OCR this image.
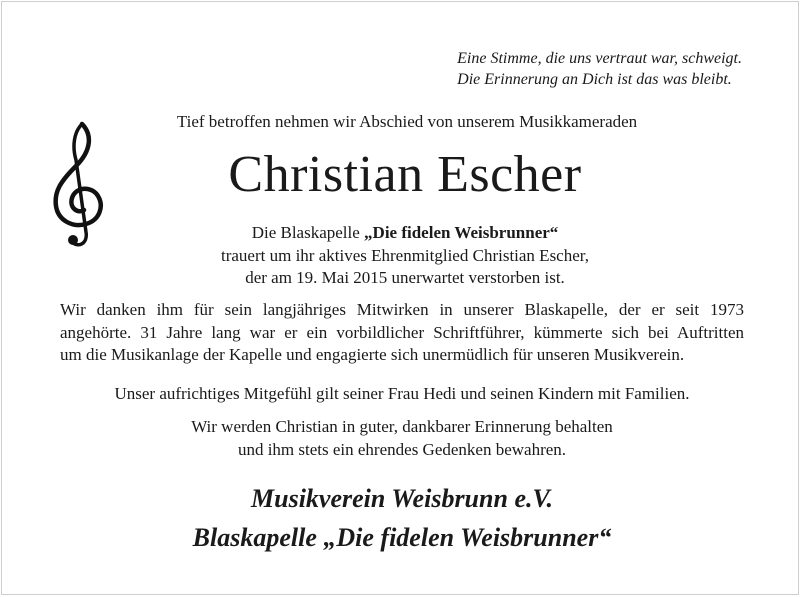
Eine Stimme, die uns vertraut war, schweigt.
Die Erinnerung an Dich ist das was bleibt.
Tief betroffen nehmen wir Abschied von unserem Musikkameraden
Christian Escher
Die Blaskapelle „Die fidelen Weisbrunner“
trauert um ihr aktives Ehrenmitglied Christian Escher,
der am 19. Mai 2015 unerwartet verstorben ist.
Wir danken ihm für sein langjähriges Mitwirken in unserer Blaskapelle, der er seit 1973
angehörte. 31 Jahre lang war er ein vorbildlicher Schriftführer, kümmerte sich bei Auftritten
um die Musikanlage der Kapelle und engagierte sich unermüdlich für unseren Musikverein.
Unser aufrichtiges Mitgefühl gilt seiner Frau Hedi und seinen Kindern mit Familien.
Wir werden Christian in guter, dankbarer Erinnerung behalten
und ihm stets ein ehrendes Gedenken bewahren.
Musikverein Weisbrunn e.V.
Blaskapelle „Die fidelen Weisbrunner“
